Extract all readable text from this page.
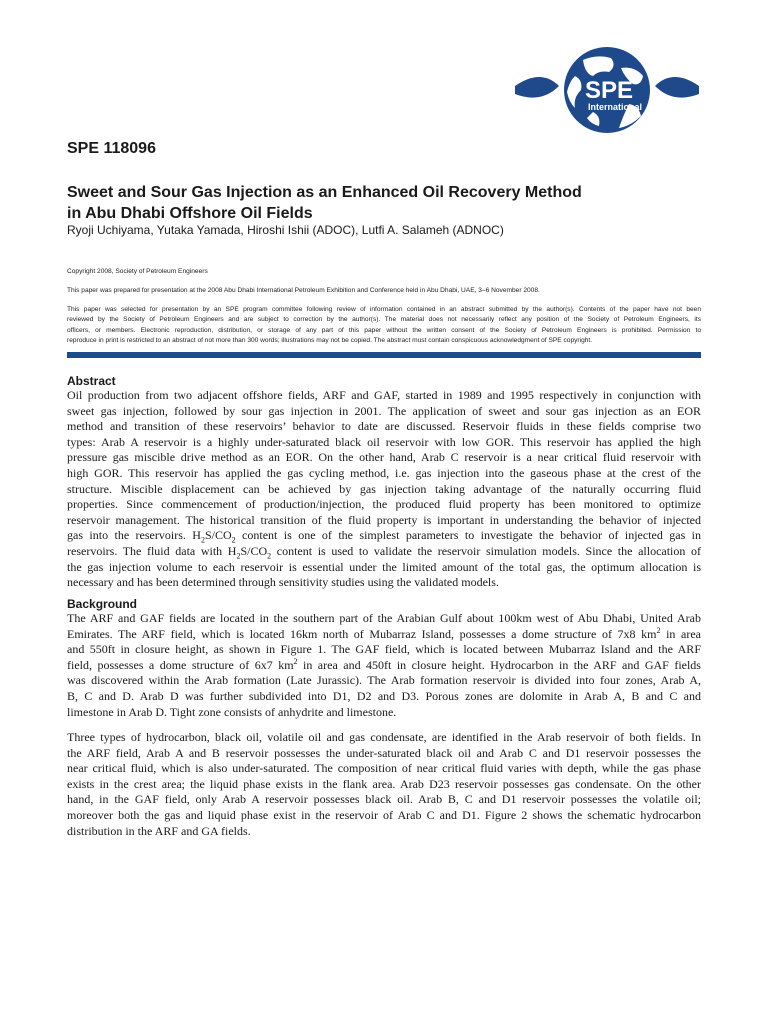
SPE
International
SPE 118096
Sweet and Sour Gas Injection as an Enhanced Oil Recovery Method
in Abu Dhabi Offshore Oil Fields
Ryoji Uchiyama, Yutaka Yamada, Hiroshi Ishii (ADOC), Lutfi A. Salameh (ADNOC)
Copyright 2008, Society of Petroleum Engineers
This paper was prepared for presentation at the 2008 Abu Dhabi International Petroleum Exhibition and Conference held in Abu Dhabi, UAE, 3–6 November 2008.
This paper was selected for presentation by an SPE program committee following review of information contained in an abstract submitted by the author(s). Contents of the paper have not been
reviewed by the Society of Petroleum Engineers and are subject to correction by the author(s). The material does not necessarily reflect any position of the Society of Petroleum Engineers, its
officers, or members. Electronic reproduction, distribution, or storage of any part of this paper without the written consent of the Society of Petroleum Engineers is prohibited. Permission to
reproduce in print is restricted to an abstract of not more than 300 words; illustrations may not be copied. The abstract must contain conspicuous acknowledgment of SPE copyright.
Abstract
Oil production from two adjacent offshore fields, ARF and GAF, started in 1989 and 1995 respectively in conjunction with
sweet gas injection, followed by sour gas injection in 2001. The application of sweet and sour gas injection as an EOR
method and transition of these reservoirs’ behavior to date are discussed. Reservoir fluids in these fields comprise two
types: Arab A reservoir is a highly under-saturated black oil reservoir with low GOR. This reservoir has applied the high
pressure gas miscible drive method as an EOR. On the other hand, Arab C reservoir is a near critical fluid reservoir with
high GOR. This reservoir has applied the gas cycling method, i.e. gas injection into the gaseous phase at the crest of the
structure. Miscible displacement can be achieved by gas injection taking advantage of the naturally occurring fluid
properties. Since commencement of production/injection, the produced fluid property has been monitored to optimize
reservoir management. The historical transition of the fluid property is important in understanding the behavior of injected
gas into the reservoirs. $H_2S/CO_2$ content is one of the simplest parameters to investigate the behavior of injected gas in
reservoirs. The fluid data with $H_2S/CO_2$ content is used to validate the reservoir simulation models. Since the allocation of
the gas injection volume to each reservoir is essential under the limited amount of the total gas, the optimum allocation is
necessary and has been determined through sensitivity studies using the validated models.
Background
The ARF and GAF fields are located in the southern part of the Arabian Gulf about 100km west of Abu Dhabi, United Arab
Emirates. The ARF field, which is located 16km north of Mubarraz Island, possesses a dome structure of 7x8 $km^2$ in area
and 550ft in closure height, as shown in Figure 1. The GAF field, which is located between Mubarraz Island and the ARF
field, possesses a dome structure of 6x7 $km^2$ in area and 450ft in closure height. Hydrocarbon in the ARF and GAF fields
was discovered within the Arab formation (Late Jurassic). The Arab formation reservoir is divided into four zones, Arab A,
B, C and D. Arab D was further subdivided into D1, D2 and D3. Porous zones are dolomite in Arab A, B and C and
limestone in Arab D. Tight zone consists of anhydrite and limestone.
Three types of hydrocarbon, black oil, volatile oil and gas condensate, are identified in the Arab reservoir of both fields. In
the ARF field, Arab A and B reservoir possesses the under-saturated black oil and Arab C and D1 reservoir possesses the
near critical fluid, which is also under-saturated. The composition of near critical fluid varies with depth, while the gas phase
exists in the crest area; the liquid phase exists in the flank area. Arab D23 reservoir possesses gas condensate. On the other
hand, in the GAF field, only Arab A reservoir possesses black oil. Arab B, C and D1 reservoir possesses the volatile oil;
moreover both the gas and liquid phase exist in the reservoir of Arab C and D1. Figure 2 shows the schematic hydrocarbon
distribution in the ARF and GA fields.
